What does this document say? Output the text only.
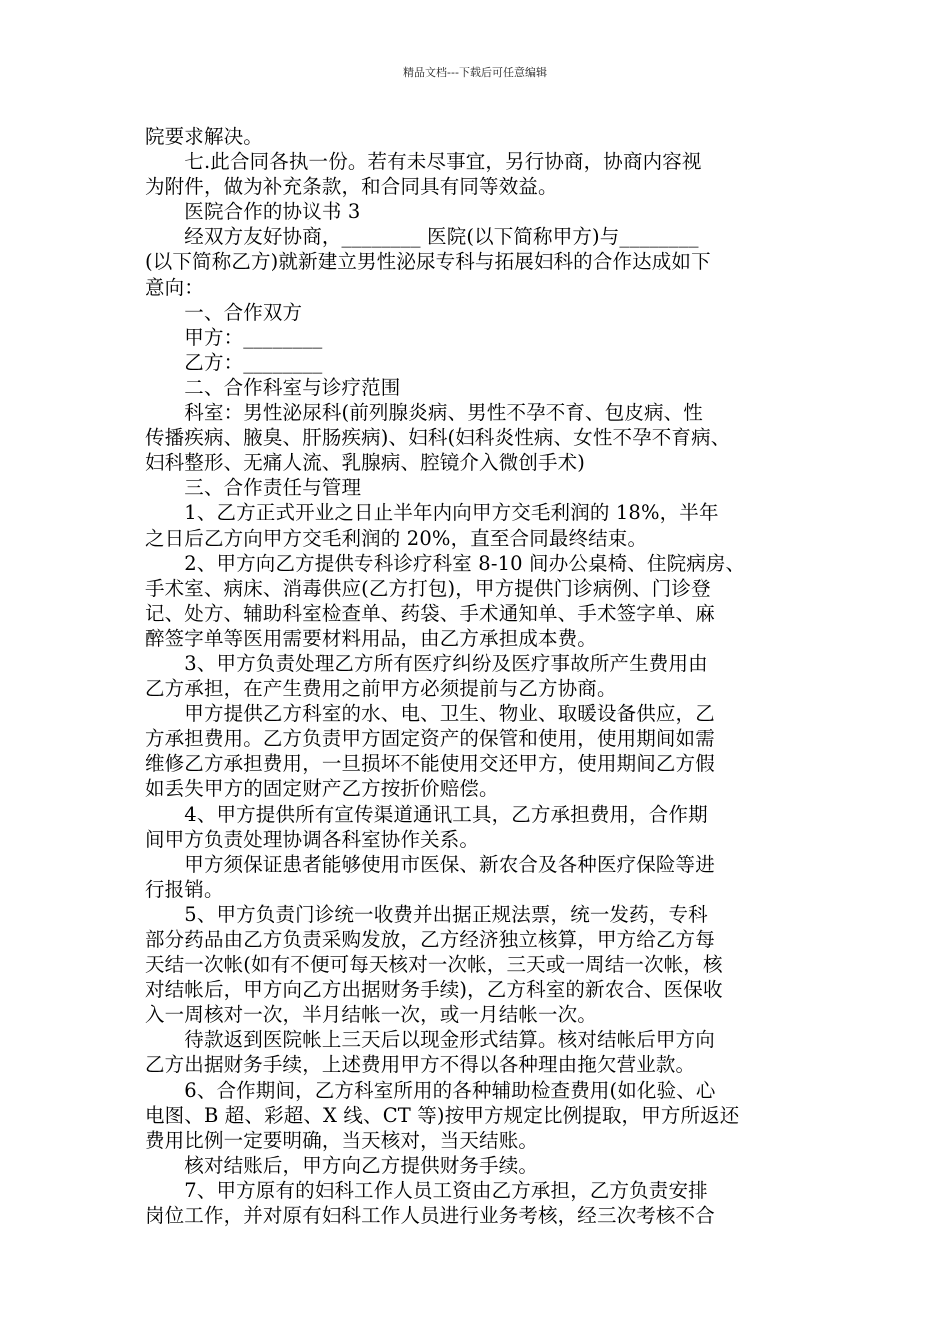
精品文档---下载后可任意编辑
院要求解决。
　　七.此合同各执一份。若有未尽事宜，另行协商，协商内容视
为附件，做为补充条款，和合同具有同等效益。
　　医院合作的协议书 3
　　经双方友好协商，________ 医院(以下简称甲方)与________
(以下简称乙方)就新建立男性泌尿专科与拓展妇科的合作达成如下
意向：
　　一、合作双方
　　甲方：________
　　乙方：________
　　二、合作科室与诊疗范围
　　科室：男性泌尿科(前列腺炎病、男性不孕不育、包皮病、性
传播疾病、腋臭、肝肠疾病)、妇科(妇科炎性病、女性不孕不育病、
妇科整形、无痛人流、乳腺病、腔镜介入微创手术)
　　三、合作责任与管理
　　1、乙方正式开业之日止半年内向甲方交毛利润的 18%，半年
之日后乙方向甲方交毛利润的 20%，直至合同最终结束。
　　2、甲方向乙方提供专科诊疗科室 8-10 间办公桌椅、住院病房、
手术室、病床、消毒供应(乙方打包)，甲方提供门诊病例、门诊登
记、处方、辅助科室检查单、药袋、手术通知单、手术签字单、麻
醉签字单等医用需要材料用品，由乙方承担成本费。
　　3、甲方负责处理乙方所有医疗纠纷及医疗事故所产生费用由
乙方承担，在产生费用之前甲方必须提前与乙方协商。
　　甲方提供乙方科室的水、电、卫生、物业、取暖设备供应，乙
方承担费用。乙方负责甲方固定资产的保管和使用，使用期间如需
维修乙方承担费用，一旦损坏不能使用交还甲方，使用期间乙方假
如丢失甲方的固定财产乙方按折价赔偿。
　　4、甲方提供所有宣传渠道通讯工具，乙方承担费用，合作期
间甲方负责处理协调各科室协作关系。
　　甲方须保证患者能够使用市医保、新农合及各种医疗保险等进
行报销。
　　5、甲方负责门诊统一收费并出据正规法票，统一发药，专科
部分药品由乙方负责采购发放，乙方经济独立核算，甲方给乙方每
天结一次帐(如有不便可每天核对一次帐，三天或一周结一次帐，核
对结帐后，甲方向乙方出据财务手续)，乙方科室的新农合、医保收
入一周核对一次，半月结帐一次，或一月结帐一次。
　　待款返到医院帐上三天后以现金形式结算。核对结帐后甲方向
乙方出据财务手续，上述费用甲方不得以各种理由拖欠营业款。
　　6、合作期间，乙方科室所用的各种辅助检查费用(如化验、心
电图、B 超、彩超、X 线、CT 等)按甲方规定比例提取，甲方所返还
费用比例一定要明确，当天核对，当天结账。
　　核对结账后，甲方向乙方提供财务手续。
　　7、甲方原有的妇科工作人员工资由乙方承担，乙方负责安排
岗位工作，并对原有妇科工作人员进行业务考核，经三次考核不合
